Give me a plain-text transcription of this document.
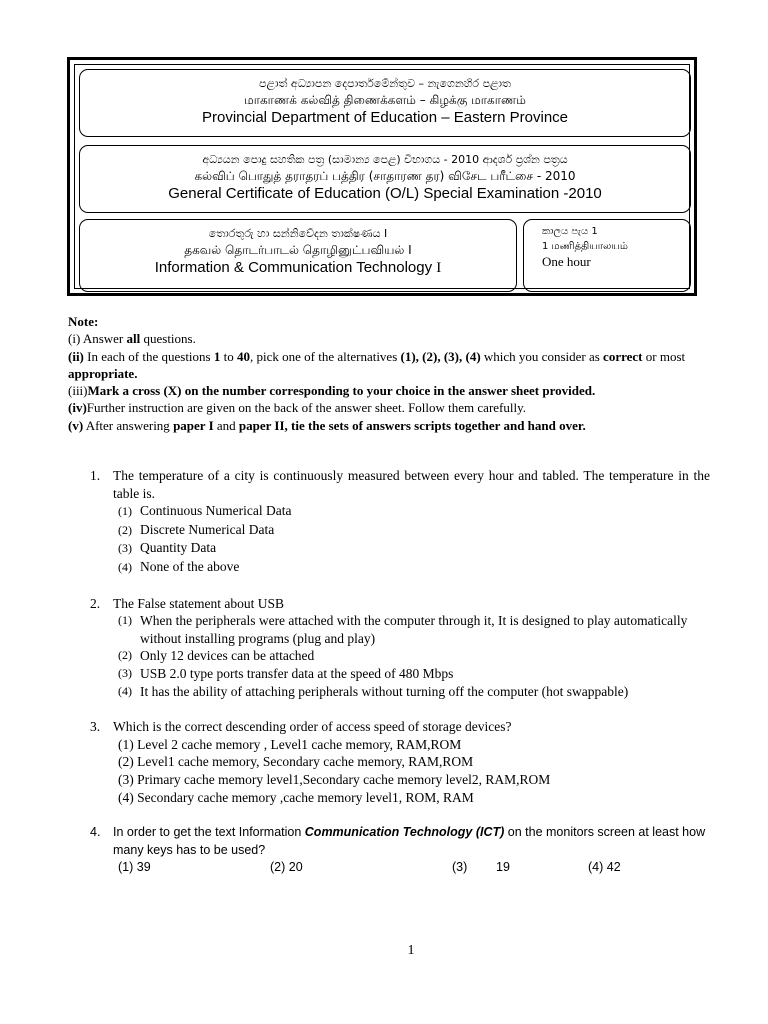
පළාත් අධ්‍යාපන දෙපාර්තමේන්තුව – නැගෙනහිර පළාත
மாகாணக் கல்வித் திணைக்களம் – கிழக்கு மாகாணம்
Provincial Department of Education – Eastern Province
අධ්‍යයන පොදු සහතික පත්‍ර (සාමාන්‍ය පෙළ) විභාගය - 2010 ආදර්ශ ප්‍රශ්න පත්‍රය
கல்விப் பொதுத் தராதரப் பத்திர (சாதாரண தர) விசேட பரீட்சை - 2010
General Certificate of Education (O/L) Special Examination -2010
තොරතුරු හා සන්නිවේදන තාක්ෂණය I
தகவல் தொடர்பாடல் தொழினுட்பவியல் I
Information & Communication Technology I
කාලය පැය 1
1 மணித்தியாலயம்
One hour
Note:
(i) Answer all questions.
(ii) In each of the questions 1 to 40, pick one of the alternatives (1), (2), (3), (4) which you consider as correct or most appropriate.
(iii)Mark a cross (X) on the number corresponding to your choice in the answer sheet provided.
(iv)Further instruction are given on the back of the answer sheet. Follow them carefully.
(v) After answering paper I and paper II, tie the sets of answers scripts together and hand over.
1. The temperature of a city is continuously measured between every hour and tabled. The temperature in the table is.
(1) Continuous Numerical Data
(2) Discrete Numerical Data
(3) Quantity Data
(4) None of the above
2. The False statement about USB
(1) When the peripherals were attached with the computer through it, It is designed to play automatically without installing programs (plug and play)
(2) Only 12 devices can be attached
(3) USB 2.0 type ports transfer data at the speed of 480 Mbps
(4) It has the ability of attaching peripherals without turning off the computer (hot swappable)
3. Which is the correct descending order of access speed of storage devices?
(1) Level 2 cache memory , Level1 cache memory, RAM,ROM
(2) Level1 cache memory, Secondary cache memory, RAM,ROM
(3) Primary cache memory level1,Secondary cache memory level2, RAM,ROM
(4) Secondary cache memory ,cache memory level1, ROM, RAM
4. In order to get the text Information Communication Technology (ICT) on the monitors screen at least how many keys has to be used?
(1) 39	(2) 20	(3) 19	(4) 42
1
